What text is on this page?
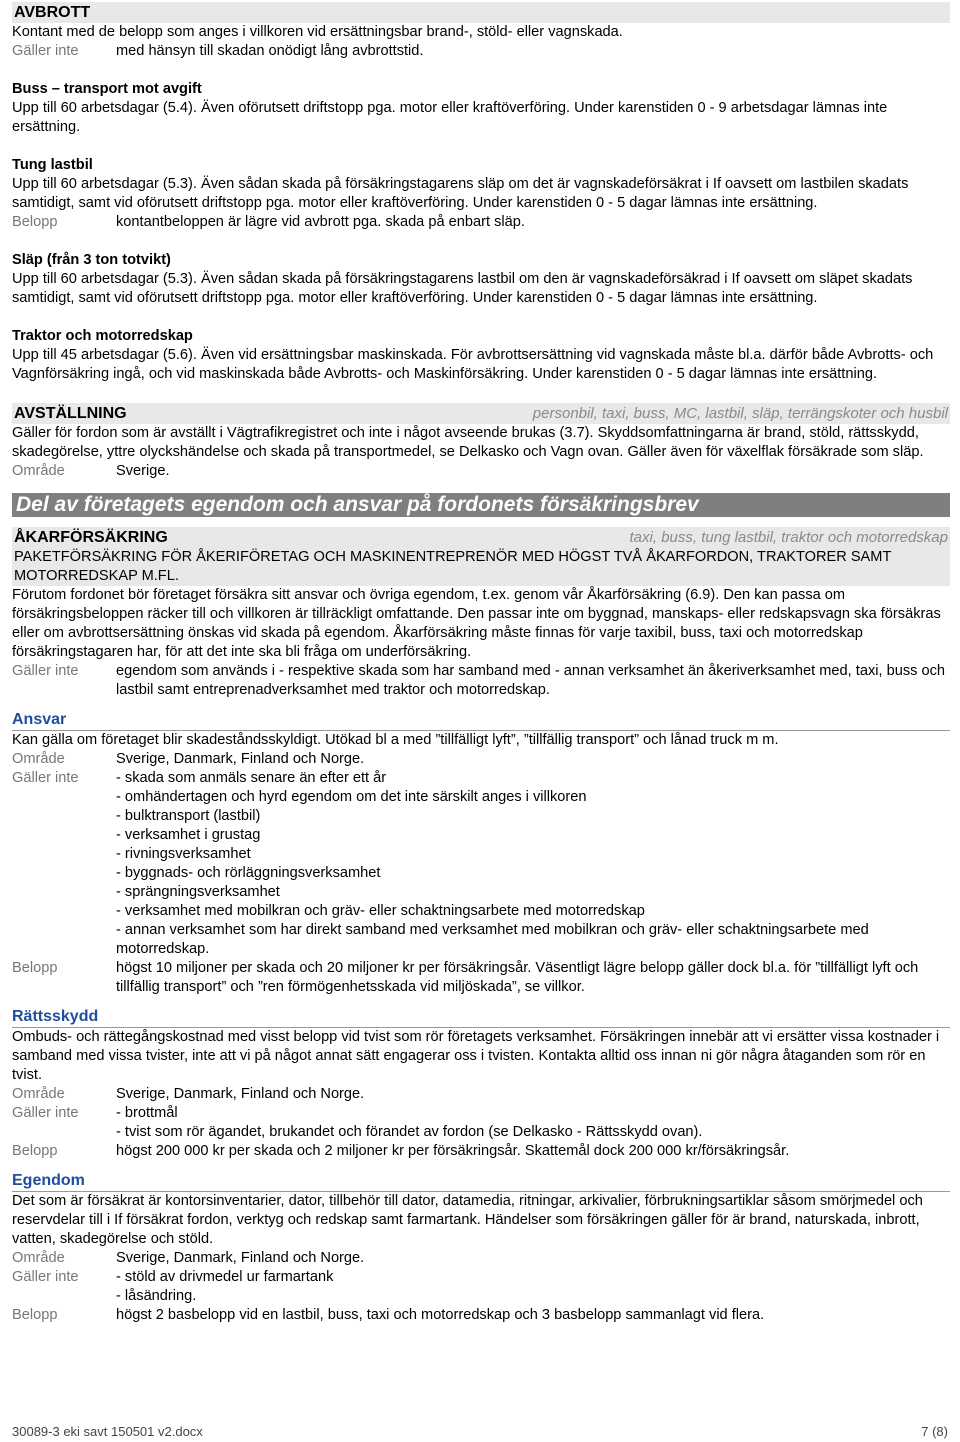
AVBROTT

Kontant med de belopp som anges i villkoren vid ersättningsbar brand-, stöld- eller vagnskada.

Gäller inte	med hänsyn till skadan onödigt lång avbrottstid.

Buss – transport mot avgift

Upp till 60 arbetsdagar (5.4). Även oförutsett driftstopp pga. motor eller kraftöverföring. Under karenstiden 0 - 9 arbetsdagar lämnas inte ersättning.

Tung lastbil

Upp till 60 arbetsdagar (5.3). Även sådan skada på försäkringstagarens släp om det är vagnskadeförsäkrat i If oavsett om lastbilen skadats samtidigt, samt vid oförutsett driftstopp pga. motor eller kraftöverföring. Under karenstiden 0 - 5 dagar lämnas inte ersättning.

Belopp	kontantbeloppen är lägre vid avbrott pga. skada på enbart släp.

Släp (från 3 ton totvikt)

Upp till 60 arbetsdagar (5.3). Även sådan skada på försäkringstagarens lastbil om den är vagnskadeförsäkrad i If oavsett om släpet skadats samtidigt, samt vid oförutsett driftstopp pga. motor eller kraftöverföring. Under karenstiden 0 - 5 dagar lämnas inte ersättning.

Traktor och motorredskap

Upp till 45 arbetsdagar (5.6). Även vid ersättningsbar maskinskada. För avbrottsersättning vid vagnskada måste bl.a. därför både Avbrotts- och Vagnförsäkring ingå, och vid maskinskada både Avbrotts- och Maskinförsäkring. Under karenstiden 0 - 5 dagar lämnas inte ersättning.

AVSTÄLLNING	personbil, taxi, buss, MC, lastbil, släp, terrängskoter och husbil

Gäller för fordon som är avställt i Vägtrafikregistret och inte i något avseende brukas (3.7). Skyddsomfattningarna är brand, stöld, rättsskydd, skadegörelse, yttre olyckshändelse och skada på transportmedel, se Delkasko och Vagn ovan. Gäller även för växelflak försäkrade som släp.

Område	Sverige.
Del av företagets egendom och ansvar på fordonets försäkringsbrev
ÅKARFÖRSÄKRING	taxi, buss, tung lastbil, traktor och motorredskap

PAKETFÖRSÄKRING FÖR ÅKERIFÖRETAG OCH MASKINENTREPRENÖR MED HÖGST TVÅ ÅKARFORDON, TRAKTORER SAMT MOTORREDSKAP M.FL.

Förutom fordonet bör företaget försäkra sitt ansvar och övriga egendom, t.ex. genom vår Åkarförsäkring (6.9). Den kan passa om försäkringsbeloppen räcker till och villkoren är tillräckligt omfattande. Den passar inte om byggnad, manskaps- eller redskapsvagn ska försäkras eller om avbrottsersättning önskas vid skada på egendom. Åkarförsäkring måste finnas för varje taxibil, buss, taxi och motorredskap försäkringstagaren har, för att det inte ska bli fråga om underförsäkring.

Gäller inte	egendom som används i - respektive skada som har samband med - annan verksamhet än åkeriverksamhet med, taxi, buss och lastbil samt entreprenadverksamhet med traktor och motorredskap.
Ansvar

Kan gälla om företaget blir skadeståndsskyldigt. Utökad bl a med ”tillfälligt lyft”, ”tillfällig transport” och lånad truck m m.

Område	Sverige, Danmark, Finland och Norge.
Gäller inte	- skada som anmäls senare än efter ett år
- omhändertagen och hyrd egendom om det inte särskilt anges i villkoren
- bulktransport (lastbil)
- verksamhet i grustag
- rivningsverksamhet
- byggnads- och rörläggningsverksamhet
- sprängningsverksamhet
- verksamhet med mobilkran och gräv- eller schaktningsarbete med motorredskap
- annan verksamhet som har direkt samband med verksamhet med mobilkran och gräv- eller schaktningsarbete med motorredskap.
Belopp	högst 10 miljoner per skada och 20 miljoner kr per försäkringsår. Väsentligt lägre belopp gäller dock bl.a. för ”tillfälligt lyft och tillfällig transport” och ”ren förmögenhetsskada vid miljöskada”, se villkor.
Rättsskydd

Ombuds- och rättegångskostnad med visst belopp vid tvist som rör företagets verksamhet. Försäkringen innebär att vi ersätter vissa kostnader i samband med vissa tvister, inte att vi på något annat sätt engagerar oss i tvisten. Kontakta alltid oss innan ni gör några åtaganden som rör en tvist.

Område	Sverige, Danmark, Finland och Norge.
Gäller inte	- brottmål
- tvist som rör ägandet, brukandet och förandet av fordon (se Delkasko - Rättsskydd ovan).
Belopp	högst 200 000 kr per skada och 2 miljoner kr per försäkringsår. Skattemål dock 200 000 kr/försäkringsår.
Egendom

Det som är försäkrat är kontorsinventarier, dator, tillbehör till dator, datamedia, ritningar, arkivalier, förbrukningsartiklar såsom smörjmedel och reservdelar till i If försäkrat fordon, verktyg och redskap samt farmartank. Händelser som försäkringen gäller för är brand, naturskada, inbrott, vatten, skadegörelse och stöld.

Område	Sverige, Danmark, Finland och Norge.
Gäller inte	- stöld av drivmedel ur farmartank
- låsändring.
Belopp	högst 2 basbelopp vid en lastbil, buss, taxi och motorredskap och 3 basbelopp sammanlagt vid flera.
30089-3 eki savt 150501 v2.docx	7 (8)
